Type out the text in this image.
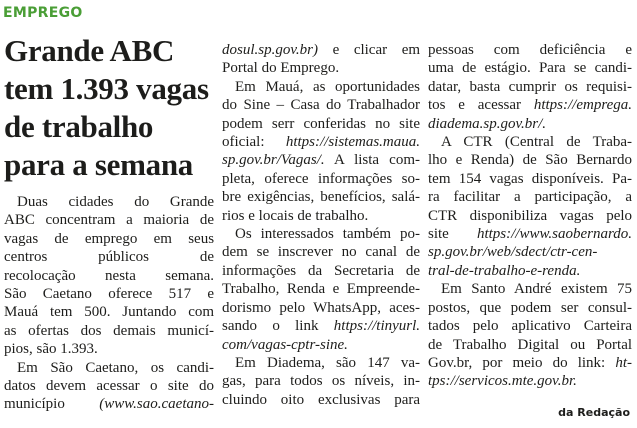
EMPREGO
Grande ABC
tem 1.393 vagas
de trabalho
para a semana
Duas cidades do Grande
ABC concentram a maioria de
vagas de emprego em seus
centros	públicos	de
recolocação nesta semana.
São Caetano oferece 517 e
Mauá tem 500. Juntando com
as ofertas dos demais municí-
pios, são 1.393.
Em São Caetano, os candi-
datos devem acessar o site do
município (www.sao.caetano-
dosul.sp.gov.br) e clicar em
Portal do Emprego.
Em Mauá, as oportunidades
do Sine – Casa do Trabalhador
podem serr conferidas no site
oficial: https://sistemas.maua.
sp.gov.br/Vagas/. A lista com-
pleta, oferece informações so-
bre exigências, benefícios, salá-
rios e locais de trabalho.
Os interessados também po-
dem se inscrever no canal de
informações da Secretaria de
Trabalho, Renda e Empreende-
dorismo pelo WhatsApp, aces-
sando o link https://tinyurl.
com/vagas-cptr-sine.
Em Diadema, são 147 va-
gas, para todos os níveis, in-
cluindo oito exclusivas para
pessoas com deficiência e
uma de estágio. Para se candi-
datar, basta cumprir os requisi-
tos e acessar https://emprega.
diadema.sp.gov.br/.
A CTR (Central de Traba-
lho e Renda) de São Bernardo
tem 154 vagas disponíveis. Pa-
ra facilitar a participação, a
CTR disponibiliza vagas pelo
site https://www.saobernardo.
sp.gov.br/web/sdect/ctr-cen-
tral-de-trabalho-e-renda.
Em Santo André existem 75
postos, que podem ser consul-
tados pelo aplicativo Carteira
de Trabalho Digital ou Portal
Gov.br, por meio do link: ht-
tps://servicos.mte.gov.br.
da Redação
